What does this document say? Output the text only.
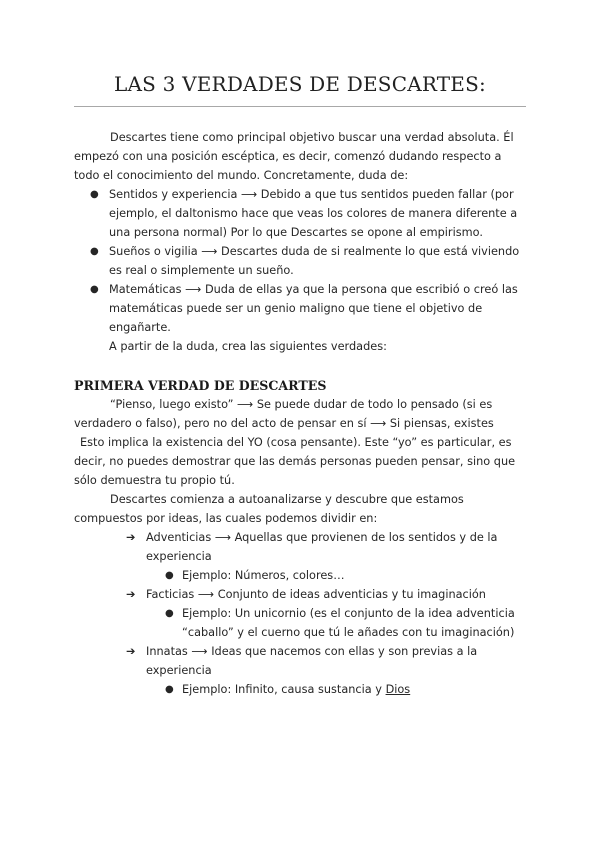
LAS 3 VERDADES DE DESCARTES:

Descartes tiene como principal objetivo buscar una verdad absoluta. Él empezó con una posición escéptica, es decir, comenzó dudando respecto a todo el conocimiento del mundo. Concretamente, duda de:

● Sentidos y experiencia ⟶ Debido a que tus sentidos pueden fallar (por ejemplo, el daltonismo hace que veas los colores de manera diferente a una persona normal) Por lo que Descartes se opone al empirismo.
● Sueños o vigilia ⟶ Descartes duda de si realmente lo que está viviendo es real o simplemente un sueño.
● Matemáticas ⟶ Duda de ellas ya que la persona que escribió o creó las matemáticas puede ser un genio maligno que tiene el objetivo de engañarte.

A partir de la duda, crea las siguientes verdades:

PRIMERA VERDAD DE DESCARTES

“Pienso, luego existo” ⟶ Se puede dudar de todo lo pensado (si es verdadero o falso), pero no del acto de pensar en sí ⟶ Si piensas, existes

Esto implica la existencia del YO (cosa pensante). Este “yo” es particular, es decir, no puedes demostrar que las demás personas pueden pensar, sino que sólo demuestra tu propio tú.

Descartes comienza a autoanalizarse y descubre que estamos compuestos por ideas, las cuales podemos dividir en:

➔ Adventicias ⟶ Aquellas que provienen de los sentidos y de la experiencia
● Ejemplo: Números, colores…
➔ Facticias ⟶ Conjunto de ideas adventicias y tu imaginación
● Ejemplo: Un unicornio (es el conjunto de la idea adventicia “caballo” y el cuerno que tú le añades con tu imaginación)
➔ Innatas ⟶ Ideas que nacemos con ellas y son previas a la experiencia
● Ejemplo: Infinito, causa sustancia y Dios
